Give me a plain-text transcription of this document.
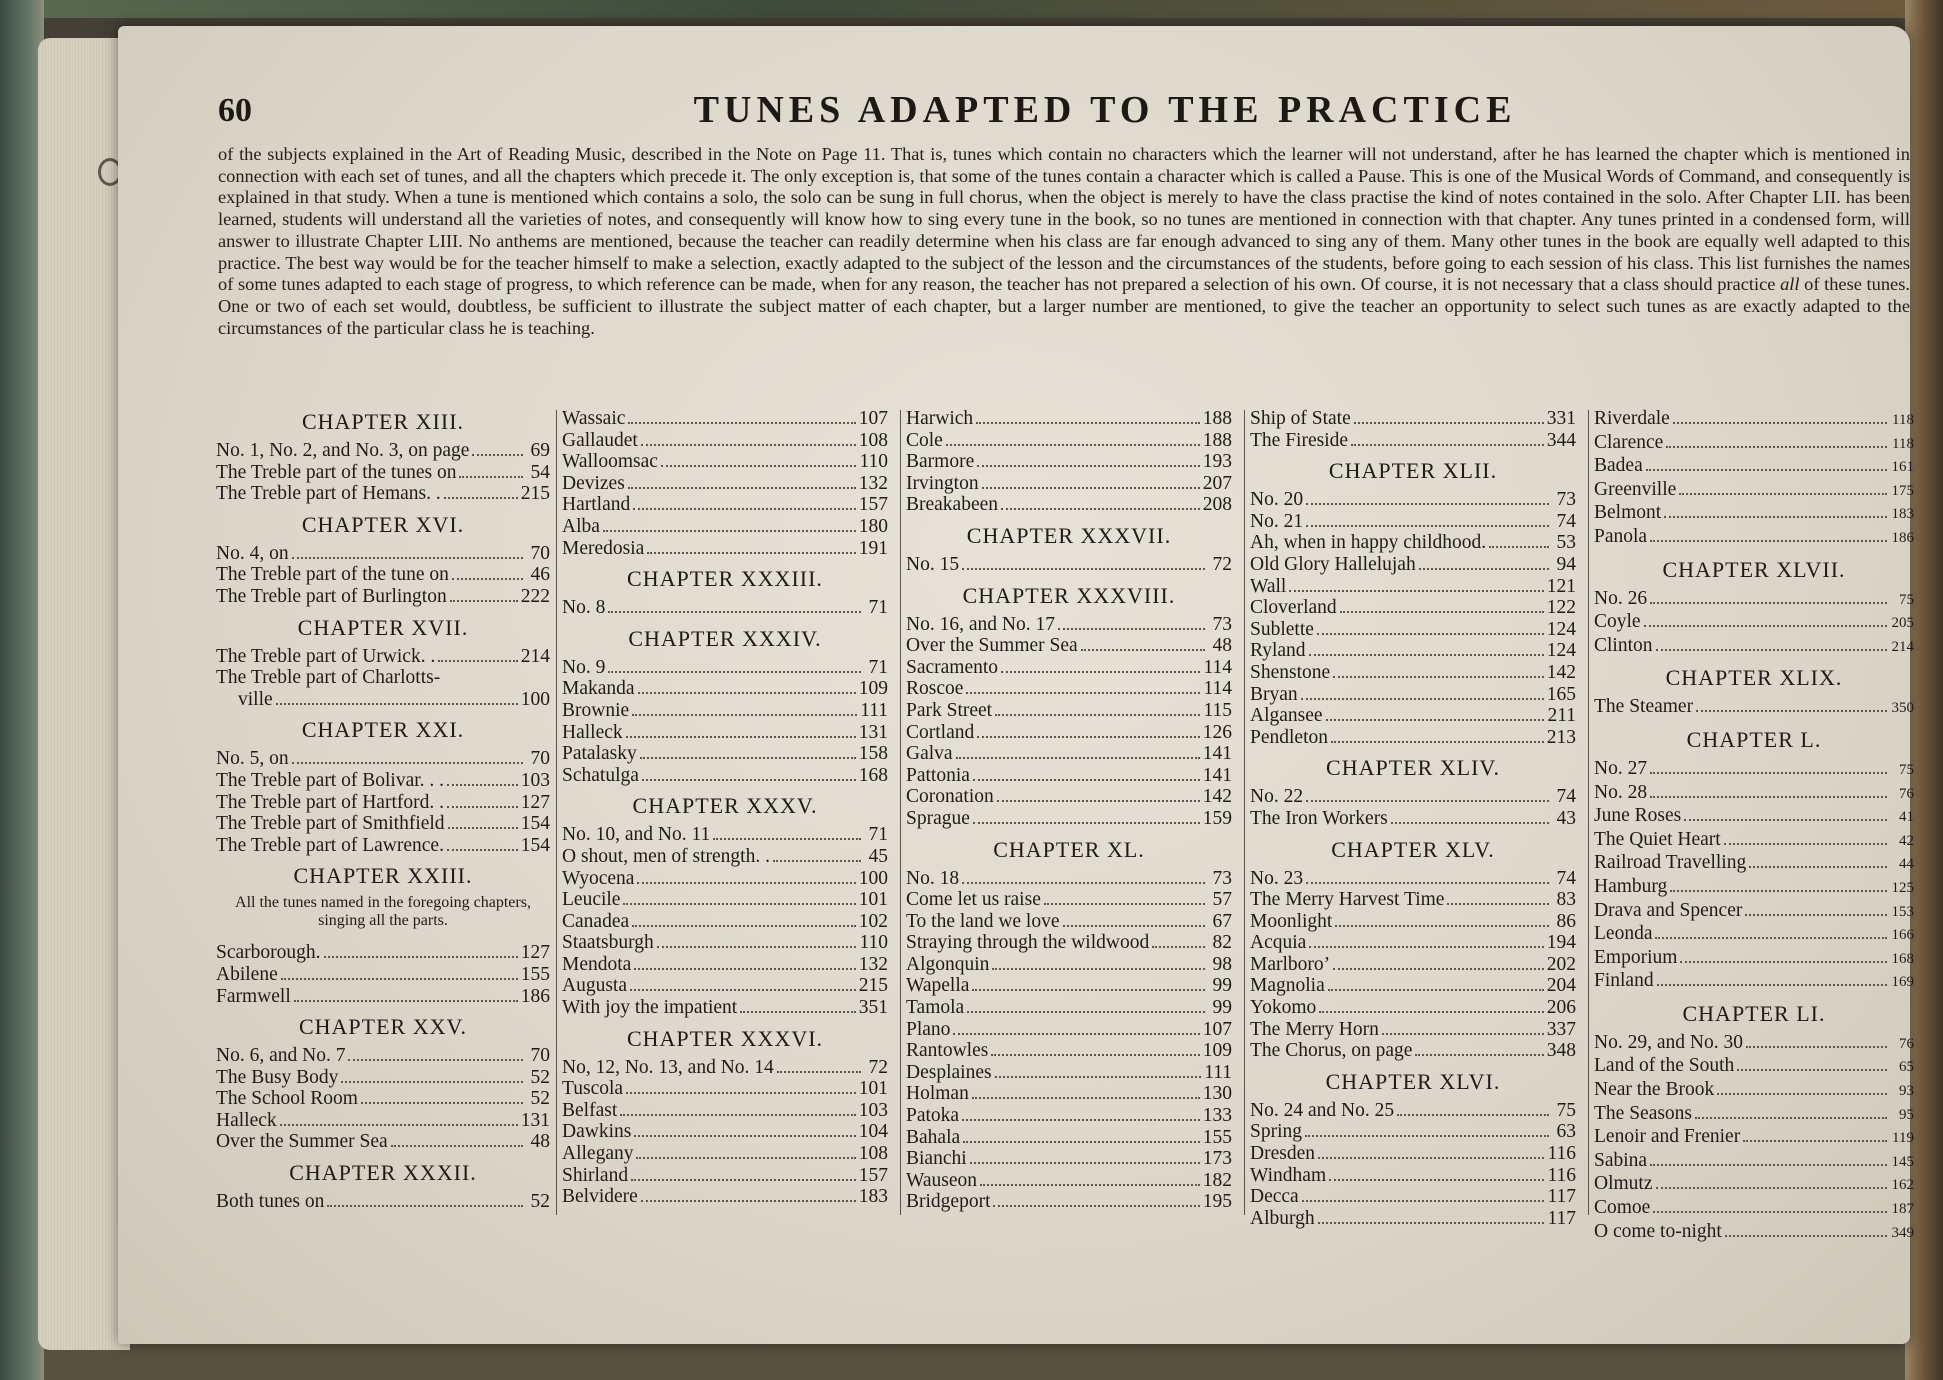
60	TUNES ADAPTED TO THE PRACTICE
of the subjects explained in the Art of Reading Music, described in the Note on Page 11. That is, tunes which contain no characters which the learner will not understand, after he has learned the chapter which is mentioned in connection with each set of tunes, and all the chapters which precede it. The only exception is, that some of the tunes contain a character which is called a Pause. This is one of the Musical Words of Command, and consequently is explained in that study. When a tune is mentioned which contains a solo, the solo can be sung in full chorus, when the object is merely to have the class practise the kind of notes contained in the solo. After Chapter LII. has been learned, students will understand all the varieties of notes, and consequently will know how to sing every tune in the book, so no tunes are mentioned in connection with that chapter. Any tunes printed in a condensed form, will answer to illustrate Chapter LIII. No anthems are mentioned, because the teacher can readily determine when his class are far enough advanced to sing any of them. Many other tunes in the book are equally well adapted to this practice. The best way would be for the teacher himself to make a selection, exactly adapted to the subject of the lesson and the circumstances of the students, before going to each session of his class. This list furnishes the names of some tunes adapted to each stage of progress, to which reference can be made, when for any reason, the teacher has not prepared a selection of his own. Of course, it is not necessary that a class should practice all of these tunes. One or two of each set would, doubtless, be sufficient to illustrate the subject matter of each chapter, but a larger number are mentioned, to give the teacher an opportunity to select such tunes as are exactly adapted to the circumstances of the particular class he is teaching.
CHAPTER XIII.
No. 1, No. 2, and No. 3, on page	69
The Treble part of the tunes on	54
The Treble part of Hemans. .	215
CHAPTER XVI.
No. 4, on	70
The Treble part of the tune on	46
The Treble part of Burlington	222
CHAPTER XVII.
The Treble part of Urwick. .	214
The Treble part of Charlotts-
ville	100
CHAPTER XXI.
No. 5, on	70
The Treble part of Bolivar. . .	103
The Treble part of Hartford. .	127
The Treble part of Smithfield	154
The Treble part of Lawrence.	154
CHAPTER XXIII.
All the tunes named in the foregoing chapters, singing all the parts.
Scarborough.	127
Abilene	155
Farmwell	186
CHAPTER XXV.
No. 6, and No. 7	70
The Busy Body	52
The School Room	52
Halleck	131
Over the Summer Sea	48
CHAPTER XXXII.
Both tunes on	52
Wassaic	107
Gallaudet	108
Walloomsac	110
Devizes	132
Hartland	157
Alba	180
Meredosia	191
CHAPTER XXXIII.
No. 8	71
CHAPTER XXXIV.
No. 9	71
Makanda	109
Brownie	111
Halleck	131
Patalasky	158
Schatulga	168
CHAPTER XXXV.
No. 10, and No. 11	71
O shout, men of strength. .	45
Wyocena	100
Leucile	101
Canadea	102
Staatsburgh	110
Mendota	132
Augusta	215
With joy the impatient	351
CHAPTER XXXVI.
No, 12, No. 13, and No. 14	72
Tuscola	101
Belfast	103
Dawkins	104
Allegany	108
Shirland	157
Belvidere	183
Harwich	188
Cole	188
Barmore	193
Irvington	207
Breakabeen	208
CHAPTER XXXVII.
No. 15	72
CHAPTER XXXVIII.
No. 16, and No. 17	73
Over the Summer Sea	48
Sacramento	114
Roscoe	114
Park Street	115
Cortland	126
Galva	141
Pattonia	141
Coronation	142
Sprague	159
CHAPTER XL.
No. 18	73
Come let us raise	57
To the land we love	67
Straying through the wildwood	82
Algonquin	98
Wapella	99
Tamola	99
Plano	107
Rantowles	109
Desplaines	111
Holman	130
Patoka	133
Bahala	155
Bianchi	173
Wauseon	182
Bridgeport	195
Ship of State	331
The Fireside	344
CHAPTER XLII.
No. 20	73
No. 21	74
Ah, when in happy childhood.	53
Old Glory Hallelujah	94
Wall	121
Cloverland	122
Sublette	124
Ryland	124
Shenstone	142
Bryan	165
Algansee	211
Pendleton	213
CHAPTER XLIV.
No. 22	74
The Iron Workers	43
CHAPTER XLV.
No. 23	74
The Merry Harvest Time	83
Moonlight	86
Acquia	194
Marlboro’	202
Magnolia	204
Yokomo	206
The Merry Horn	337
The Chorus, on page	348
CHAPTER XLVI.
No. 24 and No. 25	75
Spring	63
Dresden	116
Windham	116
Decca	117
Alburgh	117
Riverdale	118
Clarence	118
Badea	161
Greenville	175
Belmont	183
Panola	186
CHAPTER XLVII.
No. 26	75
Coyle	205
Clinton	214
CHAPTER XLIX.
The Steamer	350
CHAPTER L.
No. 27	75
No. 28	76
June Roses	41
The Quiet Heart	42
Railroad Travelling	44
Hamburg	125
Drava and Spencer	153
Leonda	166
Emporium	168
Finland	169
CHAPTER LI.
No. 29, and No. 30	76
Land of the South	65
Near the Brook	93
The Seasons	95
Lenoir and Frenier	119
Sabina	145
Olmutz	162
Comoe	187
O come to-night	349
